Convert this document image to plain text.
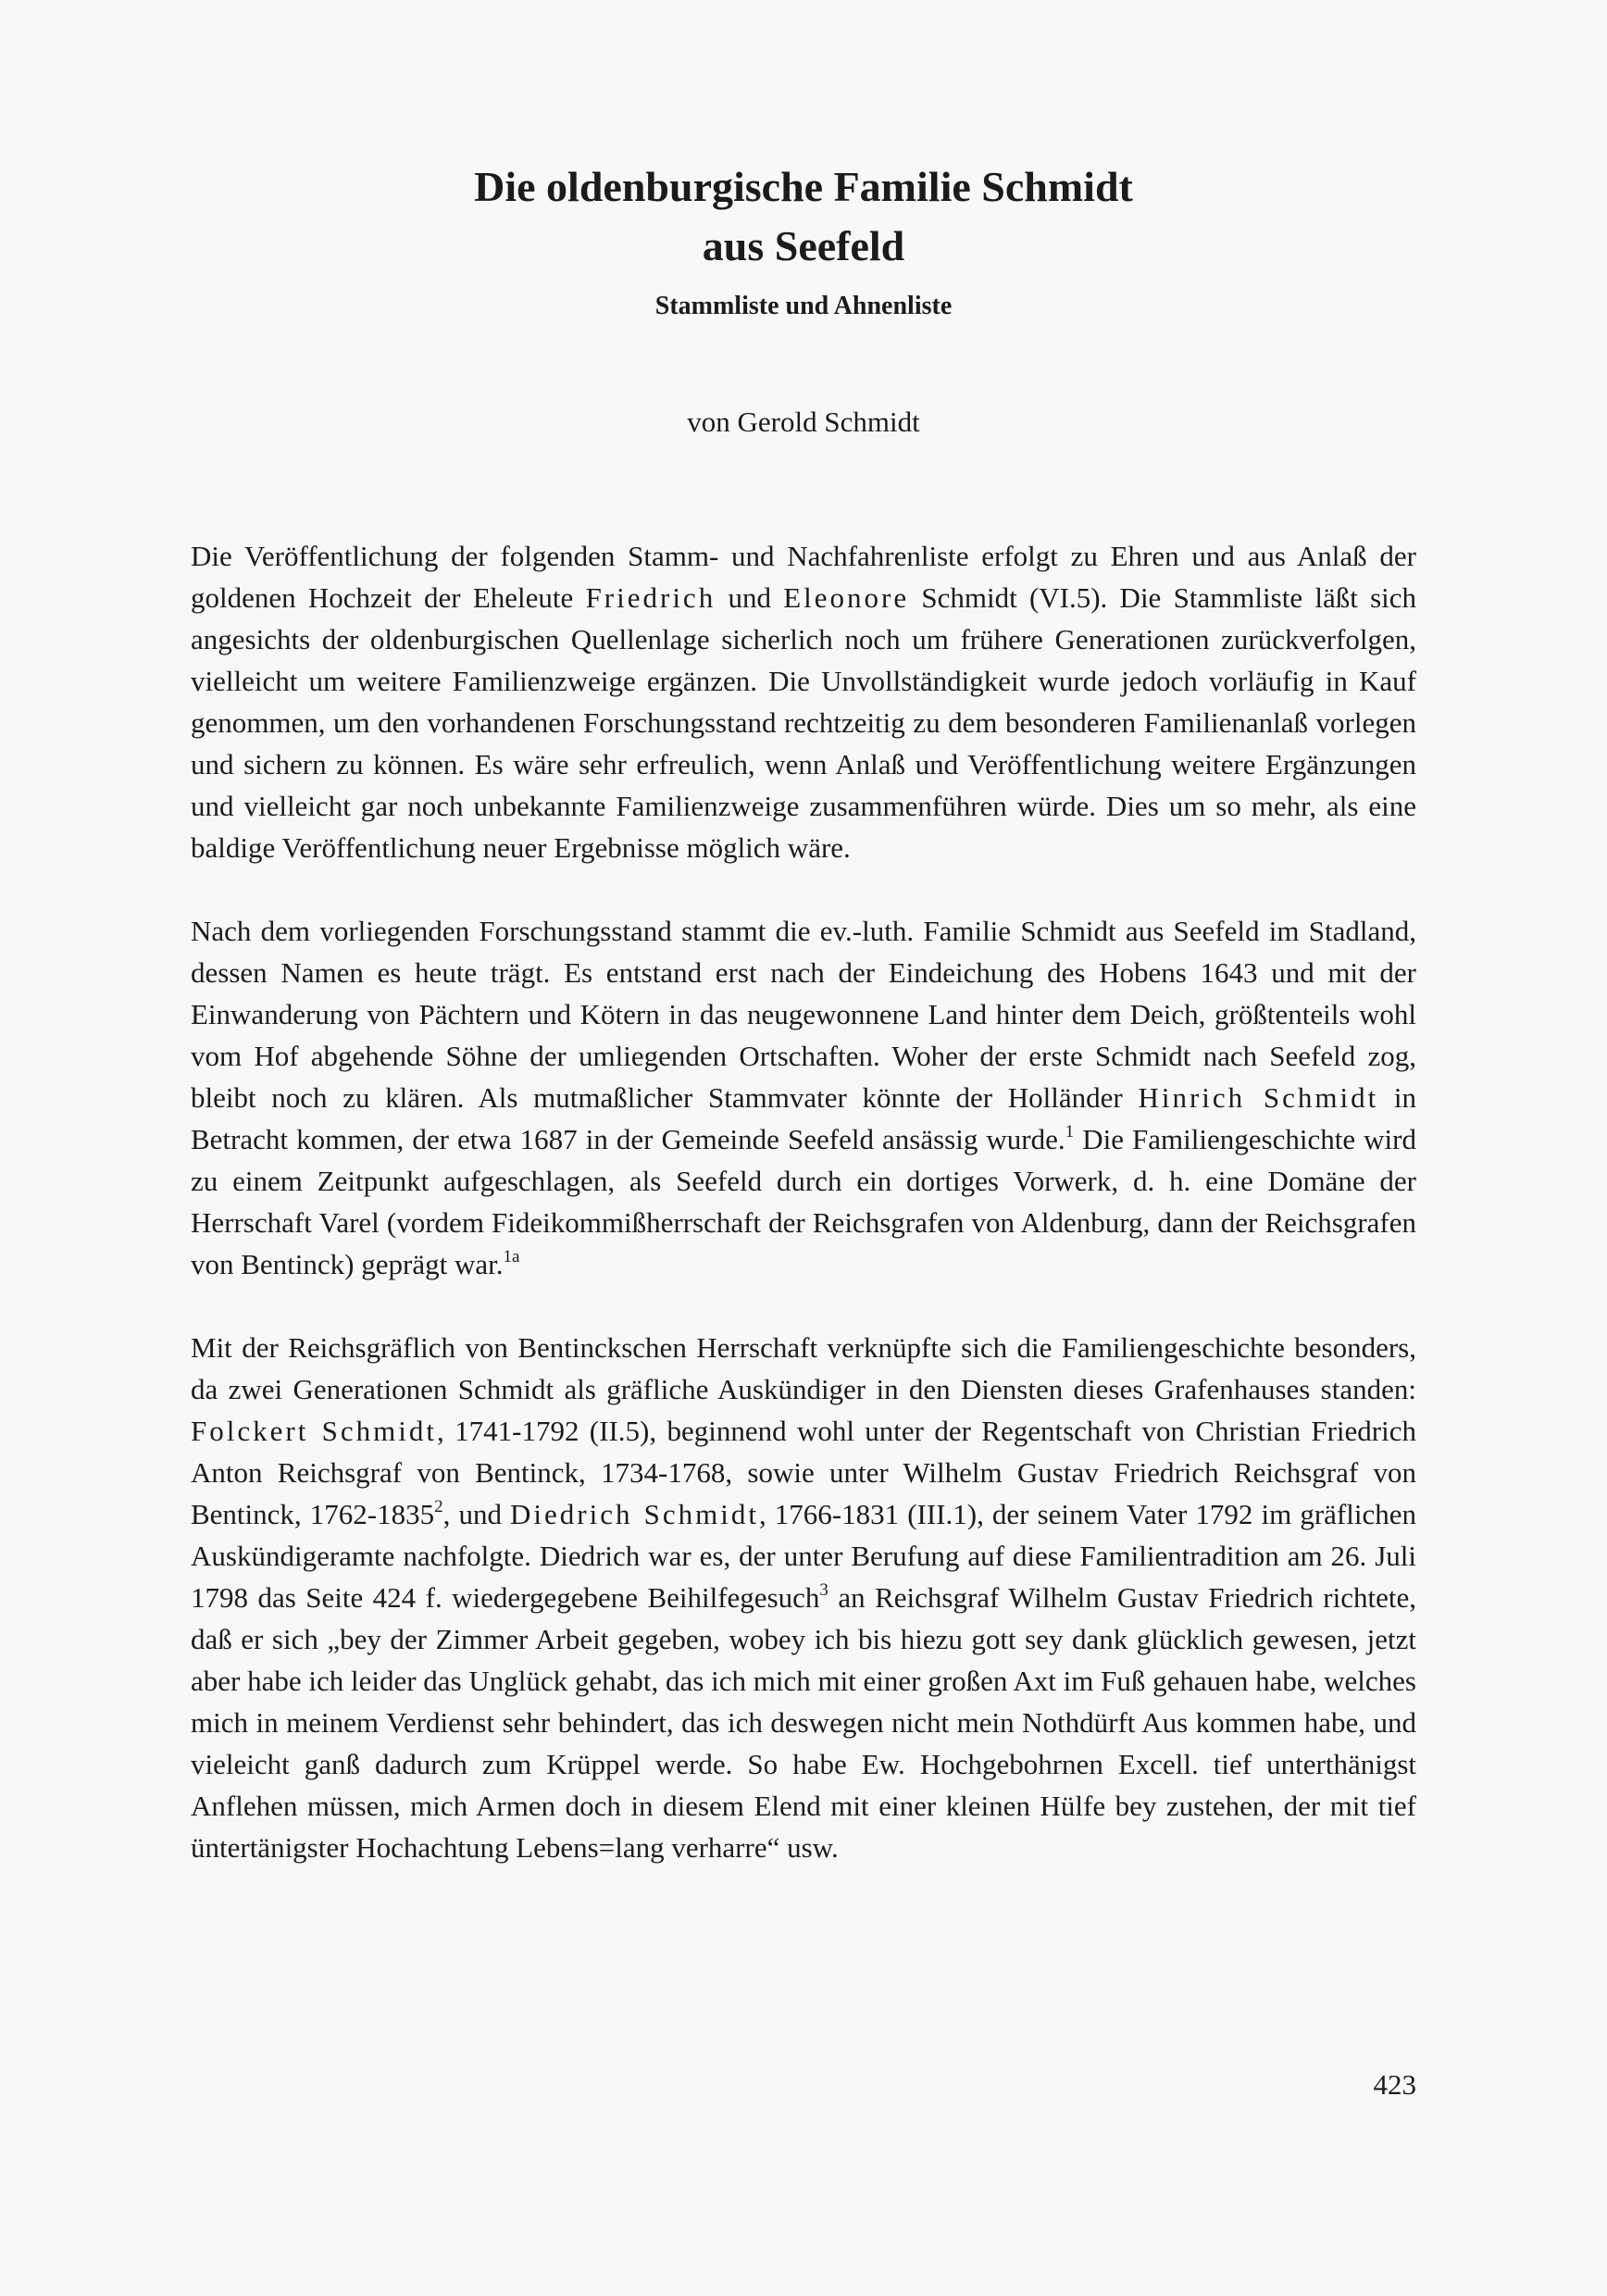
Die oldenburgische Familie Schmidt
aus Seefeld

Stammliste und Ahnenliste

von Gerold Schmidt

Die Veröffentlichung der folgenden Stamm- und Nachfahrenliste erfolgt zu Ehren und aus Anlaß der goldenen Hochzeit der Eheleute Friedrich und Eleonore Schmidt (VI.5). Die Stammliste läßt sich angesichts der oldenburgischen Quellenlage sicherlich noch um frühere Generationen zurückverfolgen, vielleicht um weitere Familienzweige ergänzen. Die Unvollständigkeit wurde jedoch vorläufig in Kauf genommen, um den vorhandenen Forschungsstand rechtzeitig zu dem besonderen Familienanlaß vorlegen und sichern zu können. Es wäre sehr erfreulich, wenn Anlaß und Veröffentlichung weitere Ergänzungen und vielleicht gar noch unbekannte Familienzweige zusammenführen würde. Dies um so mehr, als eine baldige Veröffentlichung neuer Ergebnisse möglich wäre.

Nach dem vorliegenden Forschungsstand stammt die ev.-luth. Familie Schmidt aus Seefeld im Stadland, dessen Namen es heute trägt. Es entstand erst nach der Eindeichung des Hobens 1643 und mit der Einwanderung von Pächtern und Kötern in das neugewonnene Land hinter dem Deich, größtenteils wohl vom Hof abgehende Söhne der umliegenden Ortschaften. Woher der erste Schmidt nach Seefeld zog, bleibt noch zu klären. Als mutmaßlicher Stammvater könnte der Holländer Hinrich Schmidt in Betracht kommen, der etwa 1687 in der Gemeinde Seefeld ansässig wurde.$^1$ Die Familiengeschichte wird zu einem Zeitpunkt aufgeschlagen, als Seefeld durch ein dortiges Vorwerk, d. h. eine Domäne der Herrschaft Varel (vordem Fideikommißherrschaft der Reichsgrafen von Aldenburg, dann der Reichsgrafen von Bentinck) geprägt war.$^{1a}$

Mit der Reichsgräflich von Bentinckschen Herrschaft verknüpfte sich die Familiengeschichte besonders, da zwei Generationen Schmidt als gräfliche Auskündiger in den Diensten dieses Grafenhauses standen: Folckert Schmidt, 1741-1792 (II.5), beginnend wohl unter der Regentschaft von Christian Friedrich Anton Reichsgraf von Bentinck, 1734-1768, sowie unter Wilhelm Gustav Friedrich Reichsgraf von Bentinck, 1762-1835$^2$, und Diedrich Schmidt, 1766-1831 (III.1), der seinem Vater 1792 im gräflichen Auskündigeramte nachfolgte. Diedrich war es, der unter Berufung auf diese Familientradition am 26. Juli 1798 das Seite 424 f. wiedergegebene Beihilfegesuch$^3$ an Reichsgraf Wilhelm Gustav Friedrich richtete, daß er sich „bey der Zimmer Arbeit gegeben, wobey ich bis hiezu gott sey dank glücklich gewesen, jetzt aber habe ich leider das Unglück gehabt, das ich mich mit einer großen Axt im Fuß gehauen habe, welches mich in meinem Verdienst sehr behindert, das ich deswegen nicht mein Nothdürft Aus kommen habe, und vieleicht ganß dadurch zum Krüppel werde. So habe Ew. Hochgebohrnen Excell. tief unterthänigst Anflehen müssen, mich Armen doch in diesem Elend mit einer kleinen Hülfe bey zustehen, der mit tief üntertänigster Hochachtung Lebens=lang verharre“ usw.

423
